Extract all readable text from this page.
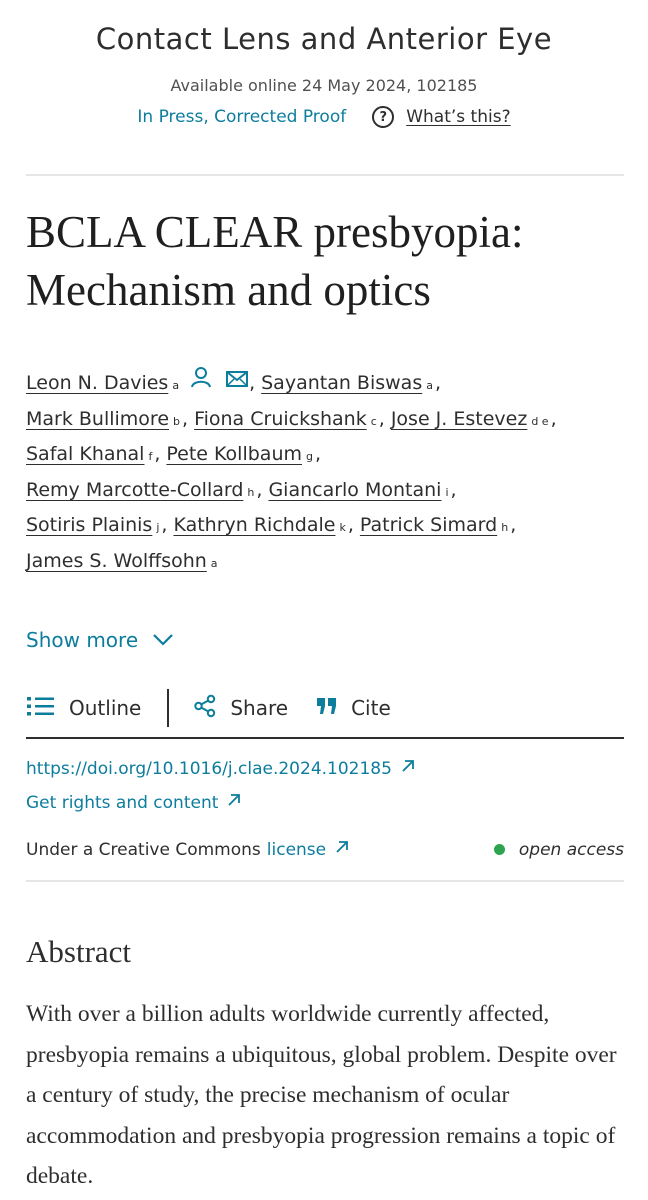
Contact Lens and Anterior Eye
Available online 24 May 2024, 102185
In Press, Corrected Proof	?	What’s this?
BCLA CLEAR presbyopia:
Mechanism and optics
Leon N. Davies a	, Sayantan Biswas a ,
Mark Bullimore b , Fiona Cruickshank c , Jose J. Estevez d e ,
Safal Khanal f , Pete Kollbaum g ,
Remy Marcotte-Collard h , Giancarlo Montani i ,
Sotiris Plainis j , Kathryn Richdale k , Patrick Simard h ,
James S. Wolffsohn a
Show more
Outline	Share	Cite
https://doi.org/10.1016/j.clae.2024.102185
Get rights and content
Under a Creative Commons license	open access
Abstract

With over a billion adults worldwide currently affected, presbyopia remains a ubiquitous, global problem. Despite over a century of study, the precise mechanism of ocular accommodation and presbyopia progression remains a topic of debate.
